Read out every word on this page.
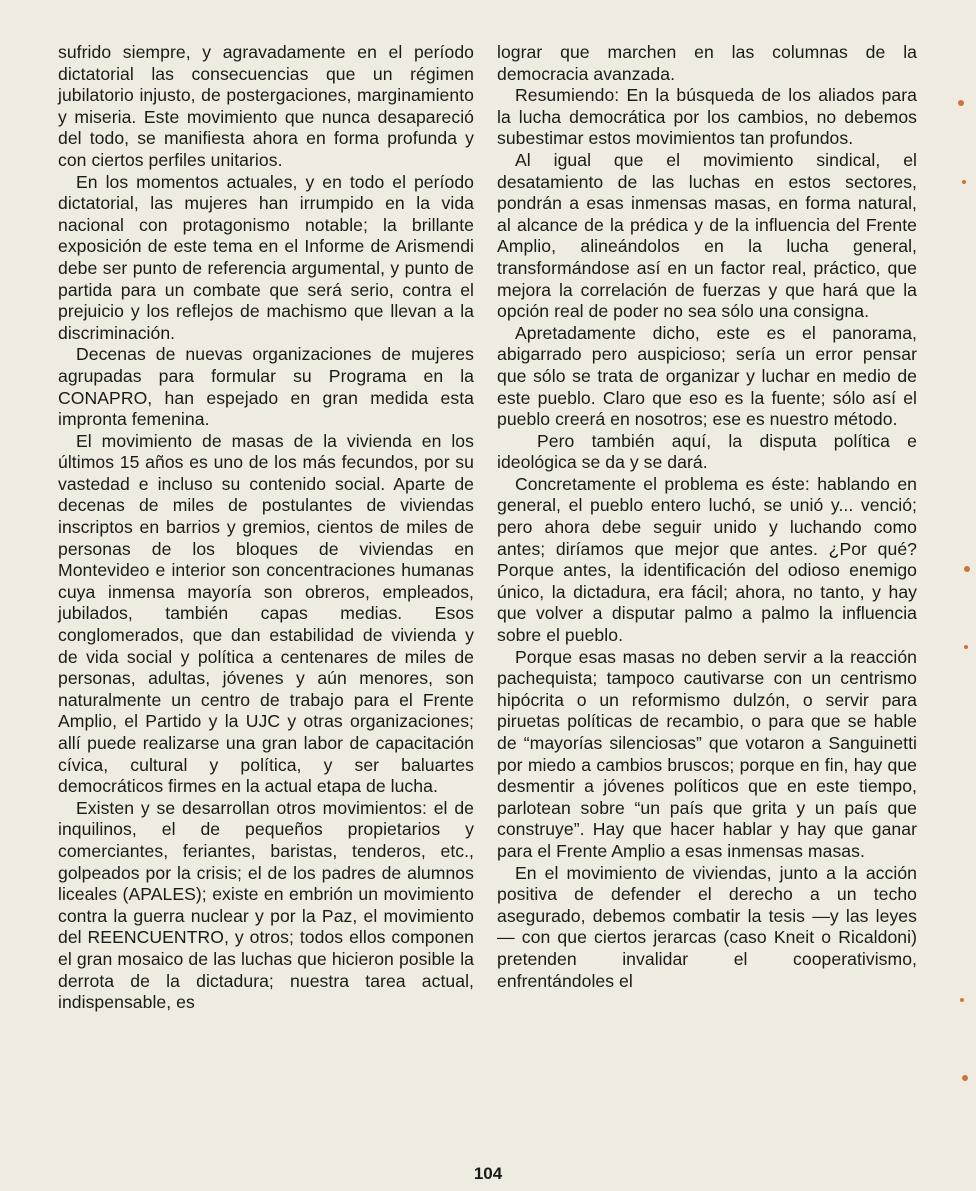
sufrido siempre, y agravadamente en el período dictatorial las consecuencias que un régimen jubilatorio injusto, de postergaciones, marginamiento y miseria. Este movimiento que nunca desapareció del todo, se manifiesta ahora en forma profunda y con ciertos perfiles unitarios.

En los momentos actuales, y en todo el período dictatorial, las mujeres han irrumpido en la vida nacional con protagonismo notable; la brillante exposición de este tema en el Informe de Arismendi debe ser punto de referencia argumental, y punto de partida para un combate que será serio, contra el prejuicio y los reflejos de machismo que llevan a la discriminación.

Decenas de nuevas organizaciones de mujeres agrupadas para formular su Programa en la CONAPRO, han espejado en gran medida esta impronta femenina.

El movimiento de masas de la vivienda en los últimos 15 años es uno de los más fecundos, por su vastedad e incluso su contenido social. Aparte de decenas de miles de postulantes de viviendas inscriptos en barrios y gremios, cientos de miles de personas de los bloques de viviendas en Montevideo e interior son concentraciones humanas cuya inmensa mayoría son obreros, empleados, jubilados, también capas medias. Esos conglomerados, que dan estabilidad de vivienda y de vida social y política a centenares de miles de personas, adultas, jóvenes y aún menores, son naturalmente un centro de trabajo para el Frente Amplio, el Partido y la UJC y otras organizaciones; allí puede realizarse una gran labor de capacitación cívica, cultural y política, y ser baluartes democráticos firmes en la actual etapa de lucha.

Existen y se desarrollan otros movimientos: el de inquilinos, el de pequeños propietarios y comerciantes, feriantes, baristas, tenderos, etc., golpeados por la crisis; el de los padres de alumnos liceales (APALES); existe en embrión un movimiento contra la guerra nuclear y por la Paz, el movimiento del REENCUENTRO, y otros; todos ellos componen el gran mosaico de las luchas que hicieron posible la derrota de la dictadura; nuestra tarea actual, indispensable, es

lograr que marchen en las columnas de la democracia avanzada.

Resumiendo: En la búsqueda de los aliados para la lucha democrática por los cambios, no debemos subestimar estos movimientos tan profundos.

Al igual que el movimiento sindical, el desatamiento de las luchas en estos sectores, pondrán a esas inmensas masas, en forma natural, al alcance de la prédica y de la influencia del Frente Amplio, alineándolos en la lucha general, transformándose así en un factor real, práctico, que mejora la correlación de fuerzas y que hará que la opción real de poder no sea sólo una consigna.

Apretadamente dicho, este es el panorama, abigarrado pero auspicioso; sería un error pensar que sólo se trata de organizar y luchar en medio de este pueblo. Claro que eso es la fuente; sólo así el pueblo creerá en nosotros; ese es nuestro método.

Pero también aquí, la disputa política e ideológica se da y se dará.

Concretamente el problema es éste: hablando en general, el pueblo entero luchó, se unió y... venció; pero ahora debe seguir unido y luchando como antes; diríamos que mejor que antes. ¿Por qué? Porque antes, la identificación del odioso enemigo único, la dictadura, era fácil; ahora, no tanto, y hay que volver a disputar palmo a palmo la influencia sobre el pueblo.

Porque esas masas no deben servir a la reacción pachequista; tampoco cautivarse con un centrismo hipócrita o un reformismo dulzón, o servir para piruetas políticas de recambio, o para que se hable de “mayorías silenciosas” que votaron a Sanguinetti por miedo a cambios bruscos; porque en fin, hay que desmentir a jóvenes políticos que en este tiempo, parlotean sobre “un país que grita y un país que construye”. Hay que hacer hablar y hay que ganar para el Frente Amplio a esas inmensas masas.

En el movimiento de viviendas, junto a la acción positiva de defender el derecho a un techo asegurado, debemos combatir la tesis —y las leyes— con que ciertos jerarcas (caso Kneit o Ricaldoni) pretenden invalidar el cooperativismo, enfrentándoles el

104
